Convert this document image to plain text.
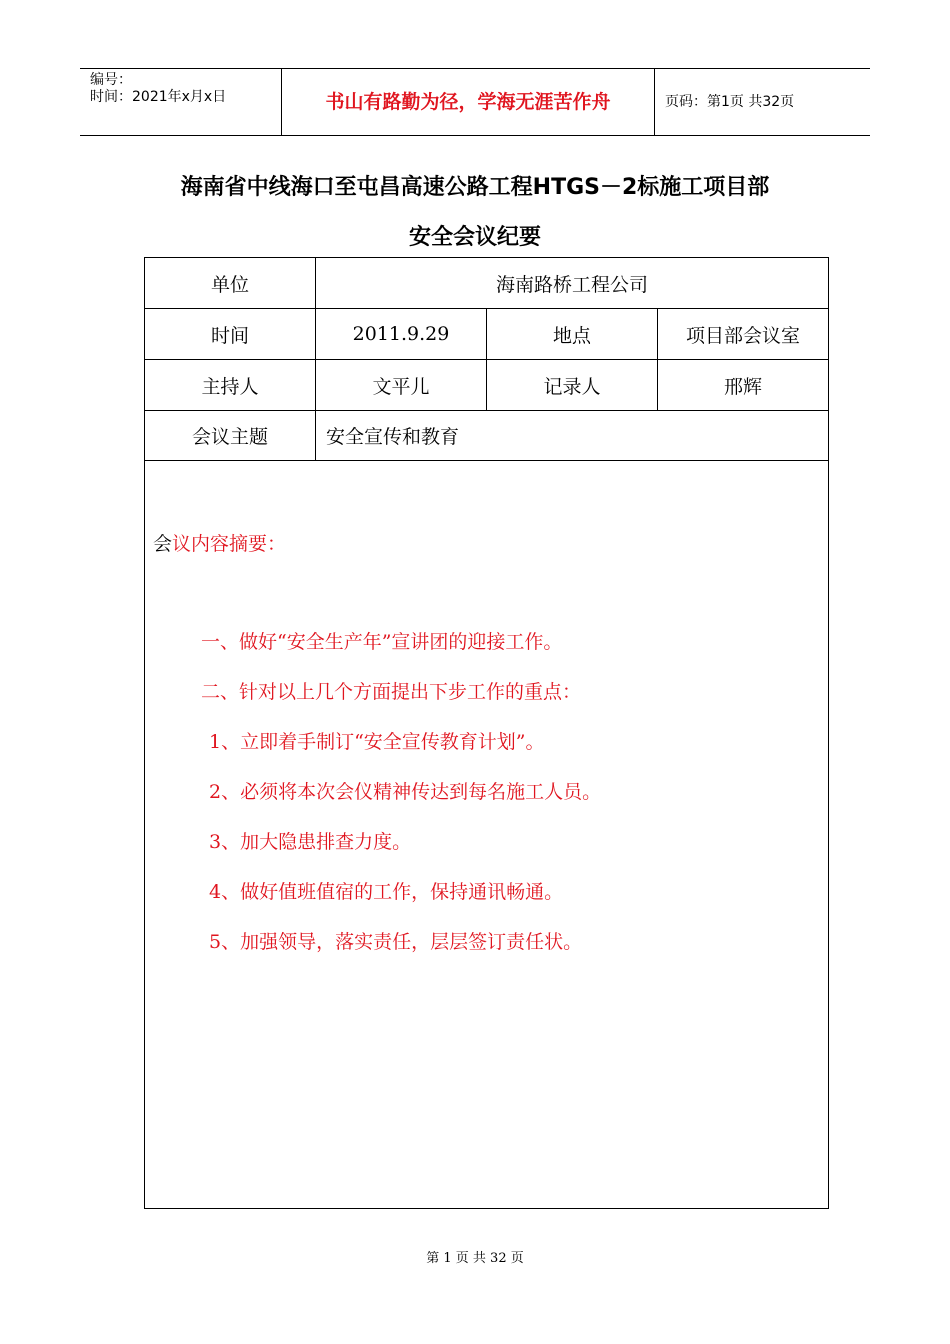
编号：
时间：2021年x月x日	书山有路勤为径，学海无涯苦作舟	页码：第1页 共32页
海南省中线海口至屯昌高速公路工程HTGS－2标施工项目部
安全会议纪要
单位	海南路桥工程公司
时间	2011.9.29	地点	项目部会议室
主持人	文平儿	记录人	邢辉
会议主题	安全宣传和教育
会议内容摘要：
一、做好“安全生产年”宣讲团的迎接工作。
二、针对以上几个方面提出下步工作的重点：
1、立即着手制订“安全宣传教育计划”。
2、必须将本次会仪精神传达到每名施工人员。
3、加大隐患排查力度。
4、做好值班值宿的工作，保持通讯畅通。
5、加强领导，落实责任，层层签订责任状。
第 1 页 共 32 页
